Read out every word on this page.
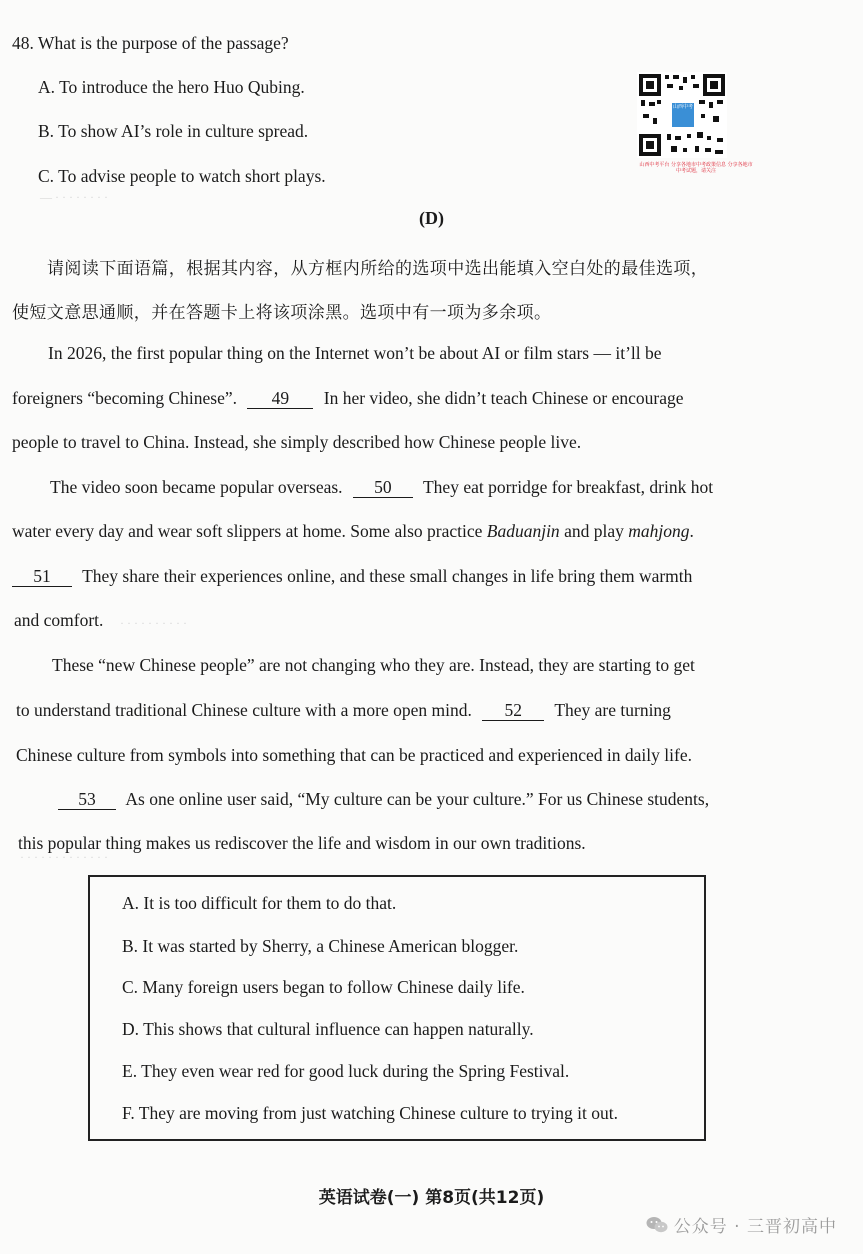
48. What is the purpose of the passage?
A. To introduce the hero Huo Qubing.
B. To show AI’s role in culture spread.
C. To advise people to watch short plays.
山西中考
山西中考平台 分享各地市中考政策信息 分享各地市中考试题，请关注
— · · · · · · · ·
· · · · · · · · · ·
· · · · · · · · · · · · ·
(D)
请阅读下面语篇，根据其内容，从方框内所给的选项中选出能填入空白处的最佳选项，
使短文意思通顺，并在答题卡上将该项涂黑。选项中有一项为多余项。
In 2026, the first popular thing on the Internet won’t be about AI or film stars — it’ll be
foreigners “becoming Chinese”. 49 In her video, she didn’t teach Chinese or encourage
people to travel to China. Instead, she simply described how Chinese people live.
The video soon became popular overseas. 50 They eat porridge for breakfast, drink hot
water every day and wear soft slippers at home. Some also practice Baduanjin and play mahjong.
51 They share their experiences online, and these small changes in life bring them warmth
and comfort.
These “new Chinese people” are not changing who they are. Instead, they are starting to get
to understand traditional Chinese culture with a more open mind. 52 They are turning
Chinese culture from symbols into something that can be practiced and experienced in daily life.
53 As one online user said, “My culture can be your culture.” For us Chinese students,
this popular thing makes us rediscover the life and wisdom in our own traditions.
A. It is too difficult for them to do that.
B. It was started by Sherry, a Chinese American blogger.
C. Many foreign users began to follow Chinese daily life.
D. This shows that cultural influence can happen naturally.
E. They even wear red for good luck during the Spring Festival.
F. They are moving from just watching Chinese culture to trying it out.
英语试卷(一) 第8页(共12页)
公众号 · 三晋初高中
